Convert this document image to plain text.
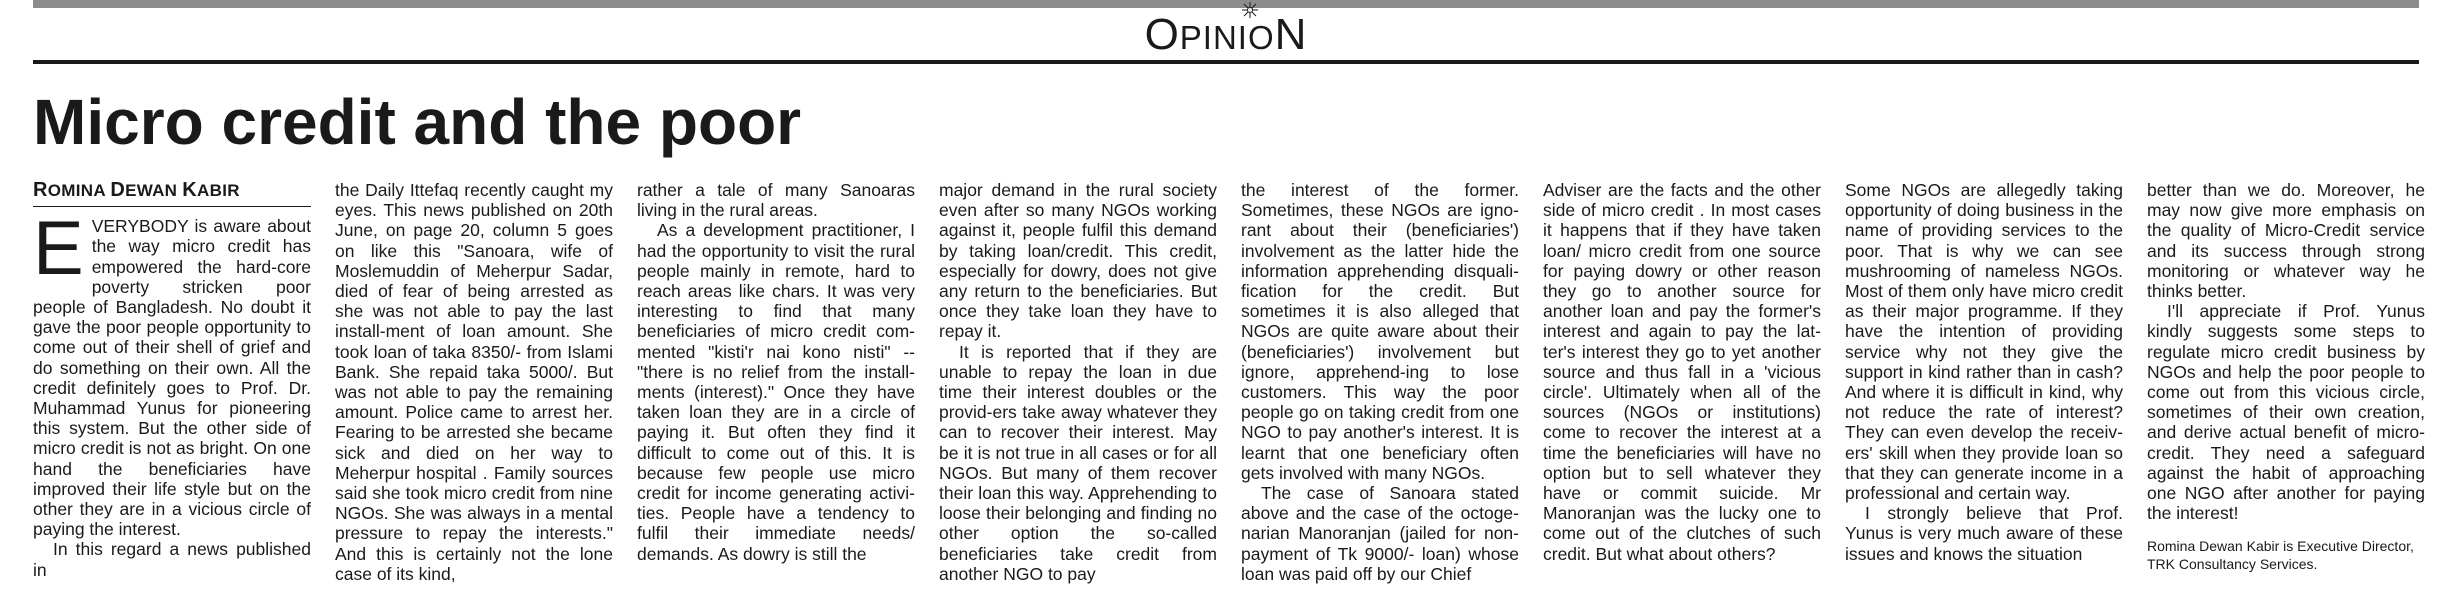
OPINION
Micro credit and the poor
ROMINA DEWAN KABIR

EVERYBODY is aware about the way micro credit has empowered the hard-core poverty stricken poor people of Bangladesh. No doubt it gave the poor people opportunity to come out of their shell of grief and do something on their own. All the credit definitely goes to Prof. Dr. Muhammad Yunus for pioneering this system. But the other side of micro credit is not as bright. On one hand the beneficiaries have improved their life style but on the other they are in a vicious circle of paying the interest.

In this regard a news published in

the Daily Ittefaq recently caught my eyes. This news published on 20th June, on page 20, column 5 goes on like this "Sanoara, wife of Moslemuddin of Meherpur Sadar, died of fear of being arrested as she was not able to pay the last install-ment of loan amount. She took loan of taka 8350/- from Islami Bank. She repaid taka 5000/. But was not able to pay the remaining amount. Police came to arrest her. Fearing to be arrested she became sick and died on her way to Meherpur hospital . Family sources said she took micro credit from nine NGOs. She was always in a mental pressure to repay the interests." And this is certainly not the lone case of its kind,

rather a tale of many Sanoaras living in the rural areas.

As a development practitioner, I had the opportunity to visit the rural people mainly in remote, hard to reach areas like chars. It was very interesting to find that many beneficiaries of micro credit com-mented "kisti'r nai kono nisti" -- "there is no relief from the install-ments (interest)." Once they have taken loan they are in a circle of paying it. But often they find it difficult to come out of this. It is because few people use micro credit for income generating activi-ties. People have a tendency to fulfil their immediate needs/ demands. As dowry is still the

major demand in the rural society even after so many NGOs working against it, people fulfil this demand by taking loan/credit. This credit, especially for dowry, does not give any return to the beneficiaries. But once they take loan they have to repay it.

It is reported that if they are unable to repay the loan in due time their interest doubles or the provid-ers take away whatever they can to recover their interest. May be it is not true in all cases or for all NGOs. But many of them recover their loan this way. Apprehending to loose their belonging and finding no other option the so-called beneficiaries take credit from another NGO to pay

the interest of the former. Sometimes, these NGOs are igno-rant about their (beneficiaries') involvement as the latter hide the information apprehending disquali-fication for the credit. But sometimes it is also alleged that NGOs are quite aware about their (beneficiaries') involvement but ignore, apprehend-ing to lose customers. This way the poor people go on taking credit from one NGO to pay another's interest. It is learnt that one beneficiary often gets involved with many NGOs.

The case of Sanoara stated above and the case of the octoge-narian Manoranjan (jailed for non-payment of Tk 9000/- loan) whose loan was paid off by our Chief

Adviser are the facts and the other side of micro credit . In most cases it happens that if they have taken loan/ micro credit from one source for paying dowry or other reason they go to another source for another loan and pay the former's interest and again to pay the lat-ter's interest they go to yet another source and thus fall in a 'vicious circle'. Ultimately when all of the sources (NGOs or institutions) come to recover the interest at a time the beneficiaries will have no option but to sell whatever they have or commit suicide. Mr Manoranjan was the lucky one to come out of the clutches of such credit. But what about others?

Some NGOs are allegedly taking opportunity of doing business in the name of providing services to the poor. That is why we can see mushrooming of nameless NGOs. Most of them only have micro credit as their major programme. If they have the intention of providing service why not they give the support in kind rather than in cash? And where it is difficult in kind, why not reduce the rate of interest? They can even develop the receiv-ers' skill when they provide loan so that they can generate income in a professional and certain way.

I strongly believe that Prof. Yunus is very much aware of these issues and knows the situation

better than we do. Moreover, he may now give more emphasis on the quality of Micro-Credit service and its success through strong monitoring or whatever way he thinks better.

I'll appreciate if Prof. Yunus kindly suggests some steps to regulate micro credit business by NGOs and help the poor people to come out from this vicious circle, sometimes of their own creation, and derive actual benefit of micro-credit. They need a safeguard against the habit of approaching one NGO after another for paying the interest!

Romina Dewan Kabir is Executive Director, TRK Consultancy Services.
